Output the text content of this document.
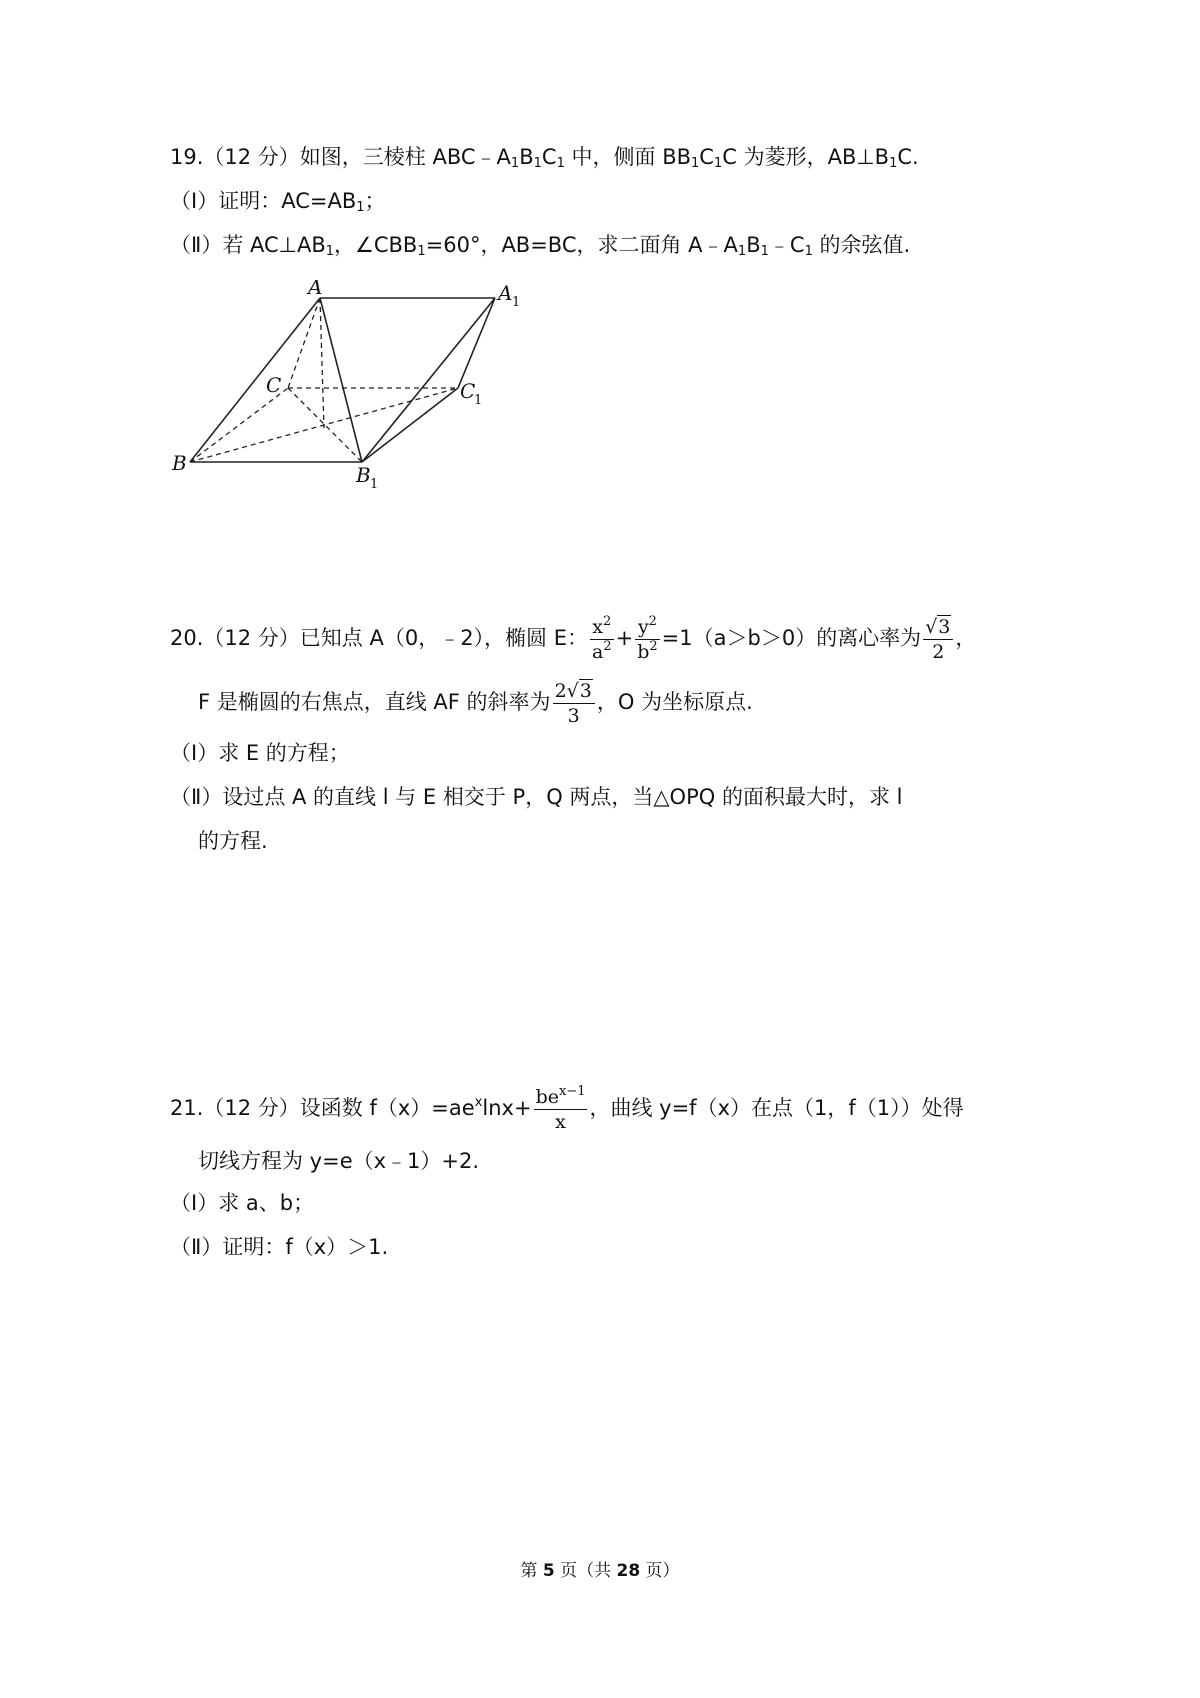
19.（12 分）如图，三棱柱 $ABC﹣A_1B_1C_1$ 中，侧面 $BB_1C_1C$ 为菱形，$AB\perp B_1C$.
（Ⅰ）证明：$AC=AB_1$；
（Ⅱ）若 $AC\perp AB_1$，$\angle CBB_1=60^\circ$，AB=BC，求二面角 $A﹣A_1B_1﹣C_1$ 的余弦值.
A	A 1
B	B 1
C	C
1
20.（12 分）已知点 A（0，﹣2），椭圆 E： $\frac{x^2}{a^2} + \frac{y^2}{b^2} =1(a>b>0)$的离心率为 $\frac{√3}{2}$ ，
F 是椭圆的右焦点，直线 AF 的斜率为 $\frac{2√3}{3}$ ，O 为坐标原点.
（Ⅰ）求 E 的方程；
（Ⅱ）设过点 A 的直线 l 与 E 相交于 P，Q 两点，当△OPQ 的面积最大时，求 l
的方程.
21.（12 分）设函数 $f(x)=ae^x\ln x+ \frac{be^{x-1}}{x}$ ，曲线 y=f（x）在点（1，f（1））处得
切线方程为 y=e（x﹣1）+2.
（Ⅰ）求 a、b；
（Ⅱ）证明：f（x）＞1.
第 5 页（共 28 页）
